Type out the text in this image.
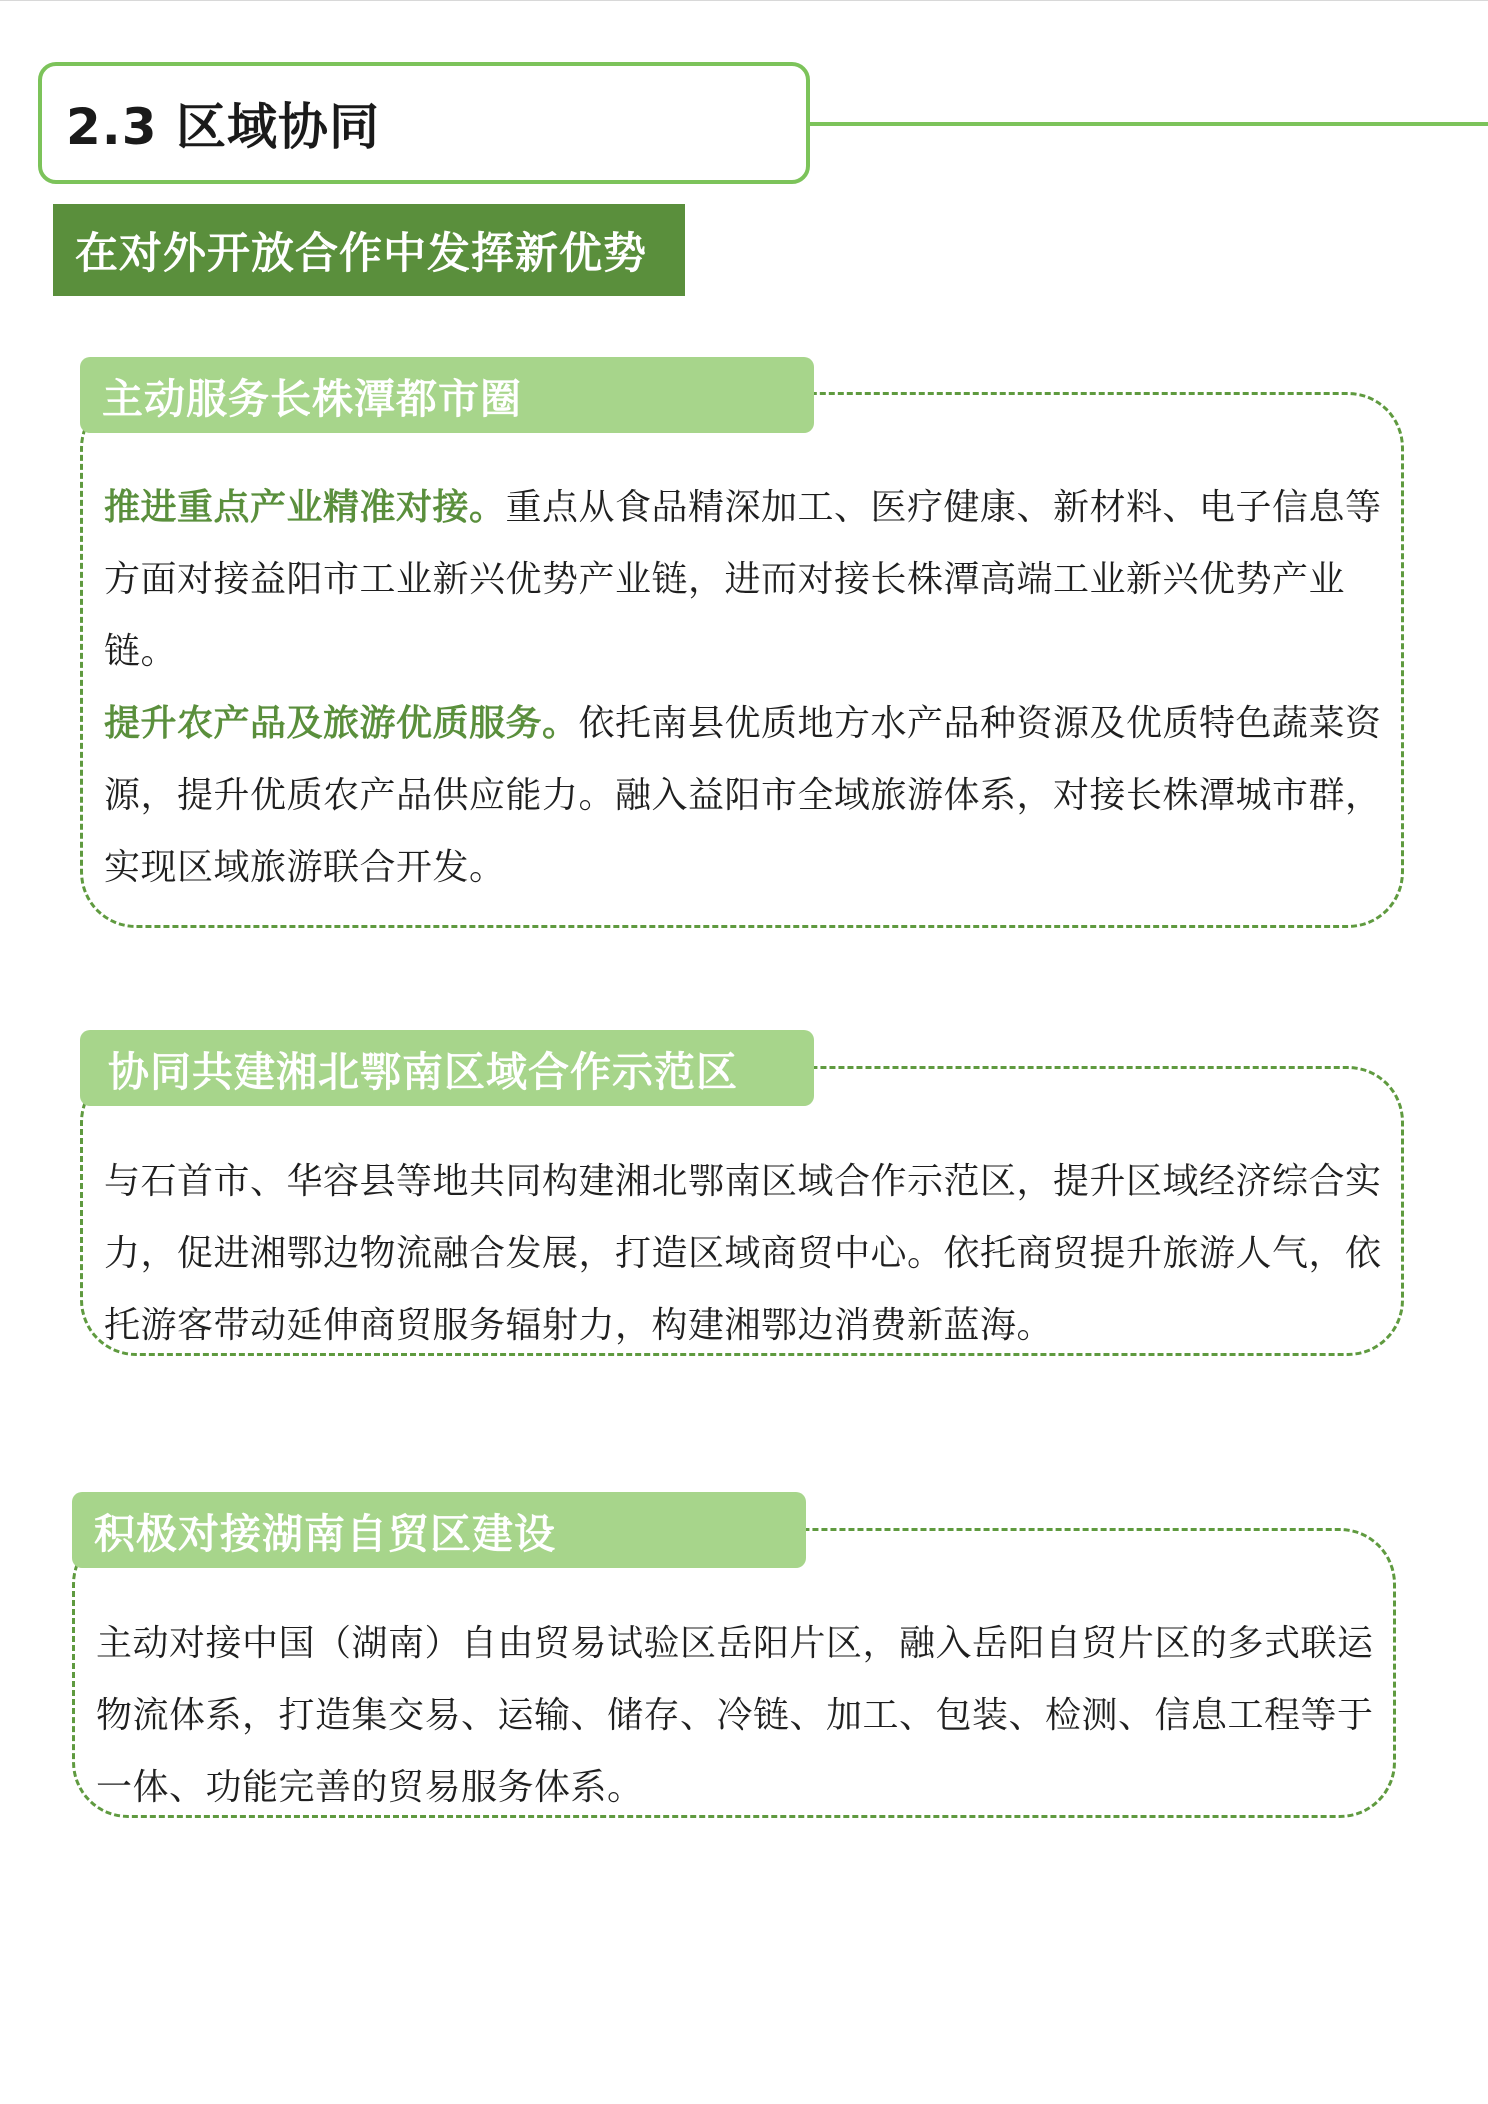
2.3 区域协同
在对外开放合作中发挥新优势
主动服务长株潭都市圈

推进重点产业精准对接。重点从食品精深加工、医疗健康、新材料、电子信息等方面对接益阳市工业新兴优势产业链，进而对接长株潭高端工业新兴优势产业链。

提升农产品及旅游优质服务。依托南县优质地方水产品种资源及优质特色蔬菜资源，提升优质农产品供应能力。融入益阳市全域旅游体系，对接长株潭城市群，实现区域旅游联合开发。

协同共建湘北鄂南区域合作示范区

与石首市、华容县等地共同构建湘北鄂南区域合作示范区，提升区域经济综合实力，促进湘鄂边物流融合发展，打造区域商贸中心。依托商贸提升旅游人气，依托游客带动延伸商贸服务辐射力，构建湘鄂边消费新蓝海。

积极对接湖南自贸区建设

主动对接中国（湖南）自由贸易试验区岳阳片区，融入岳阳自贸片区的多式联运物流体系，打造集交易、运输、储存、冷链、加工、包装、检测、信息工程等于一体、功能完善的贸易服务体系。
